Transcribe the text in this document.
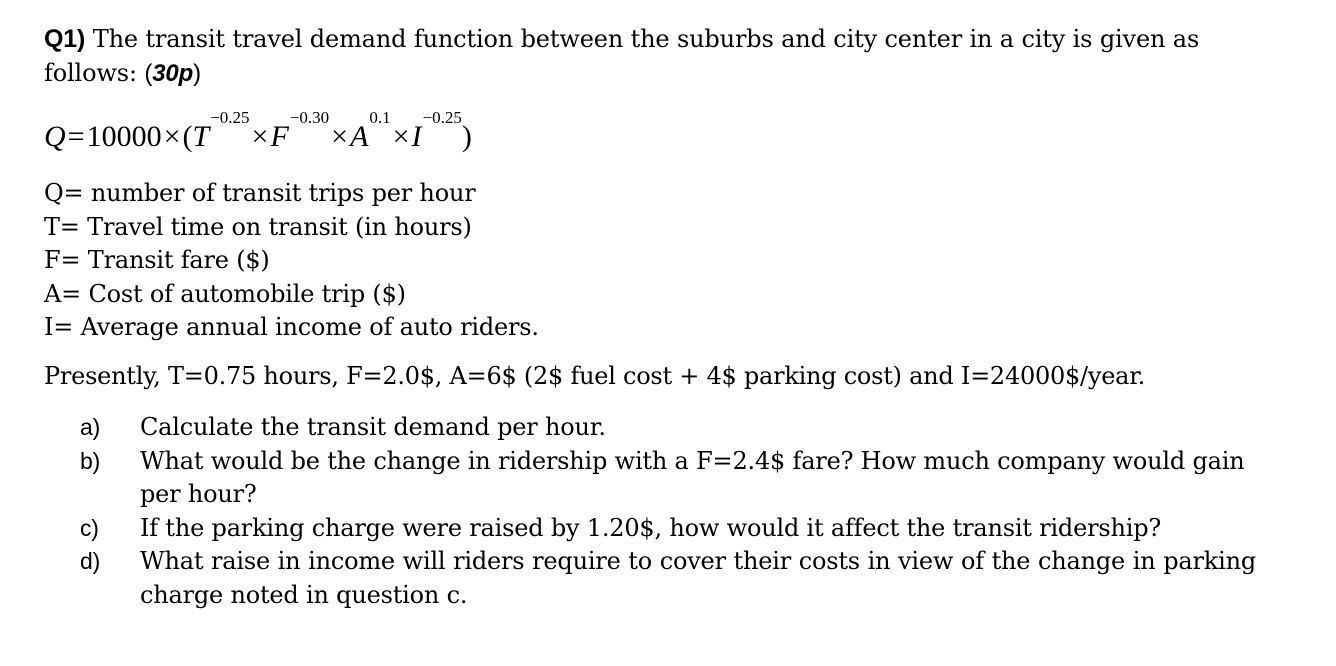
Q1) The transit travel demand function between the suburbs and city center in a city is given as follows: (30p)

$Q=10000\times(T^{-0.25}\times F^{-0.30}\times A^{0.1}\times I^{-0.25})$
Q= number of transit trips per hour
T= Travel time on transit (in hours)
F= Transit fare ($)
A= Cost of automobile trip ($)
I= Average annual income of auto riders.
Presently, T=0.75 hours, F=2.0$, A=6$ (2$ fuel cost + 4$ parking cost) and I=24000$/year.
a) Calculate the transit demand per hour.
b) What would be the change in ridership with a F=2.4$ fare? How much company would gain per hour?
c) If the parking charge were raised by 1.20$, how would it affect the transit ridership?
d) What raise in income will riders require to cover their costs in view of the change in parking charge noted in question c.
